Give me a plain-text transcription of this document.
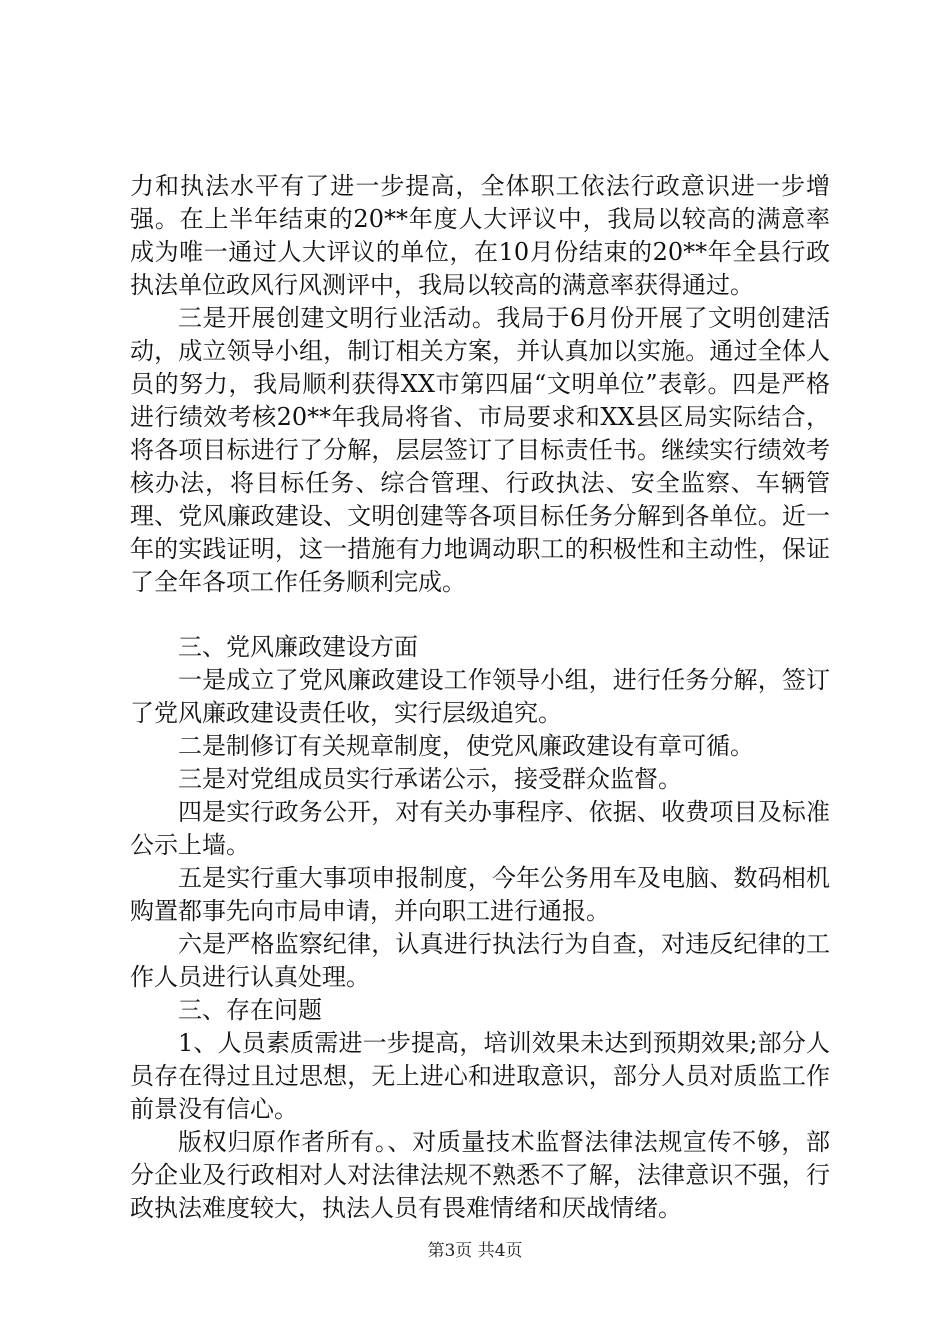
力和执法水平有了进一步提高，全体职工依法行政意识进一步增强。在上半年结束的20**年度人大评议中，我局以较高的满意率成为唯一通过人大评议的单位，在10月份结束的20**年全县行政执法单位政风行风测评中，我局以较高的满意率获得通过。

三是开展创建文明行业活动。我局于6月份开展了文明创建活动，成立领导小组，制订相关方案，并认真加以实施。通过全体人员的努力，我局顺利获得XX市第四届“文明单位”表彰。四是严格进行绩效考核20**年我局将省、市局要求和XX县区局实际结合，将各项目标进行了分解，层层签订了目标责任书。继续实行绩效考核办法，将目标任务、综合管理、行政执法、安全监察、车辆管理、党风廉政建设、文明创建等各项目标任务分解到各单位。近一年的实践证明，这一措施有力地调动职工的积极性和主动性，保证了全年各项工作任务顺利完成。

三、党风廉政建设方面

一是成立了党风廉政建设工作领导小组，进行任务分解，签订了党风廉政建设责任收，实行层级追究。

二是制修订有关规章制度，使党风廉政建设有章可循。

三是对党组成员实行承诺公示，接受群众监督。

四是实行政务公开，对有关办事程序、依据、收费项目及标准公示上墙。

五是实行重大事项申报制度，今年公务用车及电脑、数码相机购置都事先向市局申请，并向职工进行通报。

六是严格监察纪律，认真进行执法行为自查，对违反纪律的工作人员进行认真处理。

三、存在问题

1、人员素质需进一步提高，培训效果未达到预期效果;部分人员存在得过且过思想，无上进心和进取意识，部分人员对质监工作前景没有信心。

版权归原作者所有。、对质量技术监督法律法规宣传不够，部分企业及行政相对人对法律法规不熟悉不了解，法律意识不强，行政执法难度较大，执法人员有畏难情绪和厌战情绪。

第3页 共4页
